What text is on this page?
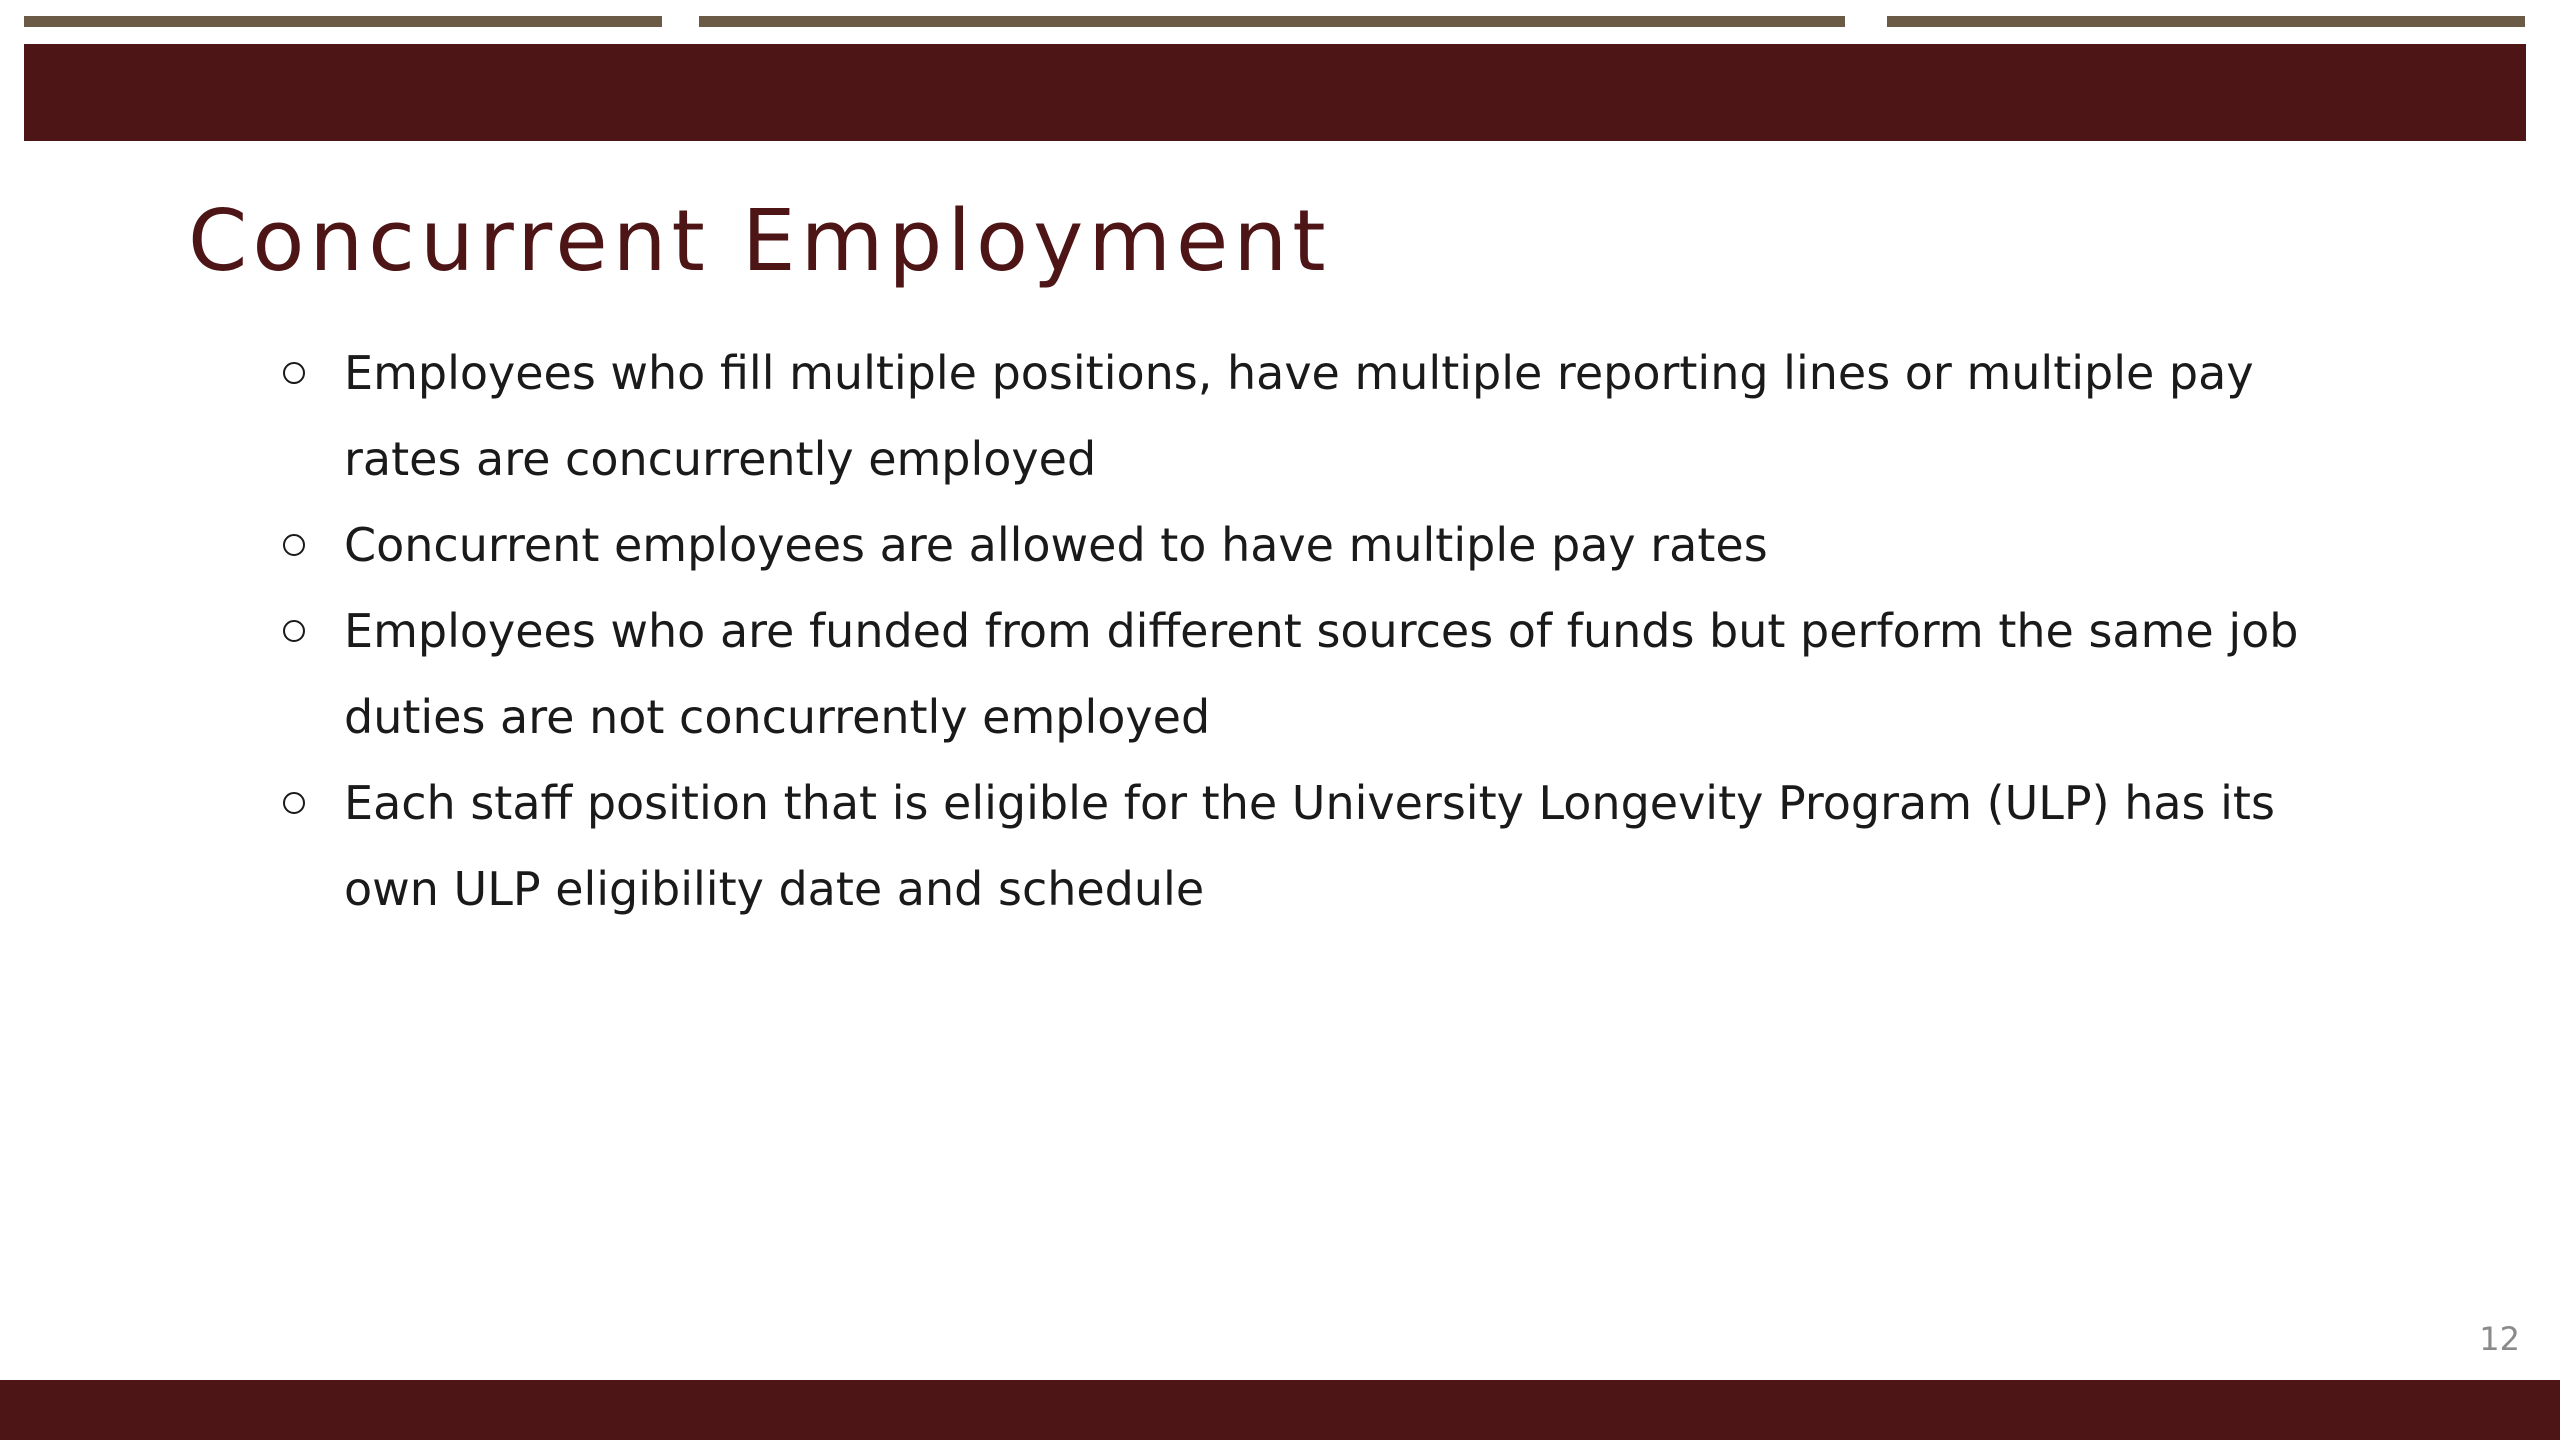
Concurrent Employment
Employees who fill multiple positions, have multiple reporting lines or multiple pay rates are concurrently employed
Concurrent employees are allowed to have multiple pay rates
Employees who are funded from different sources of funds but perform the same job duties are not concurrently employed
Each staff position that is eligible for the University Longevity Program (ULP) has its own ULP eligibility date and schedule
12
